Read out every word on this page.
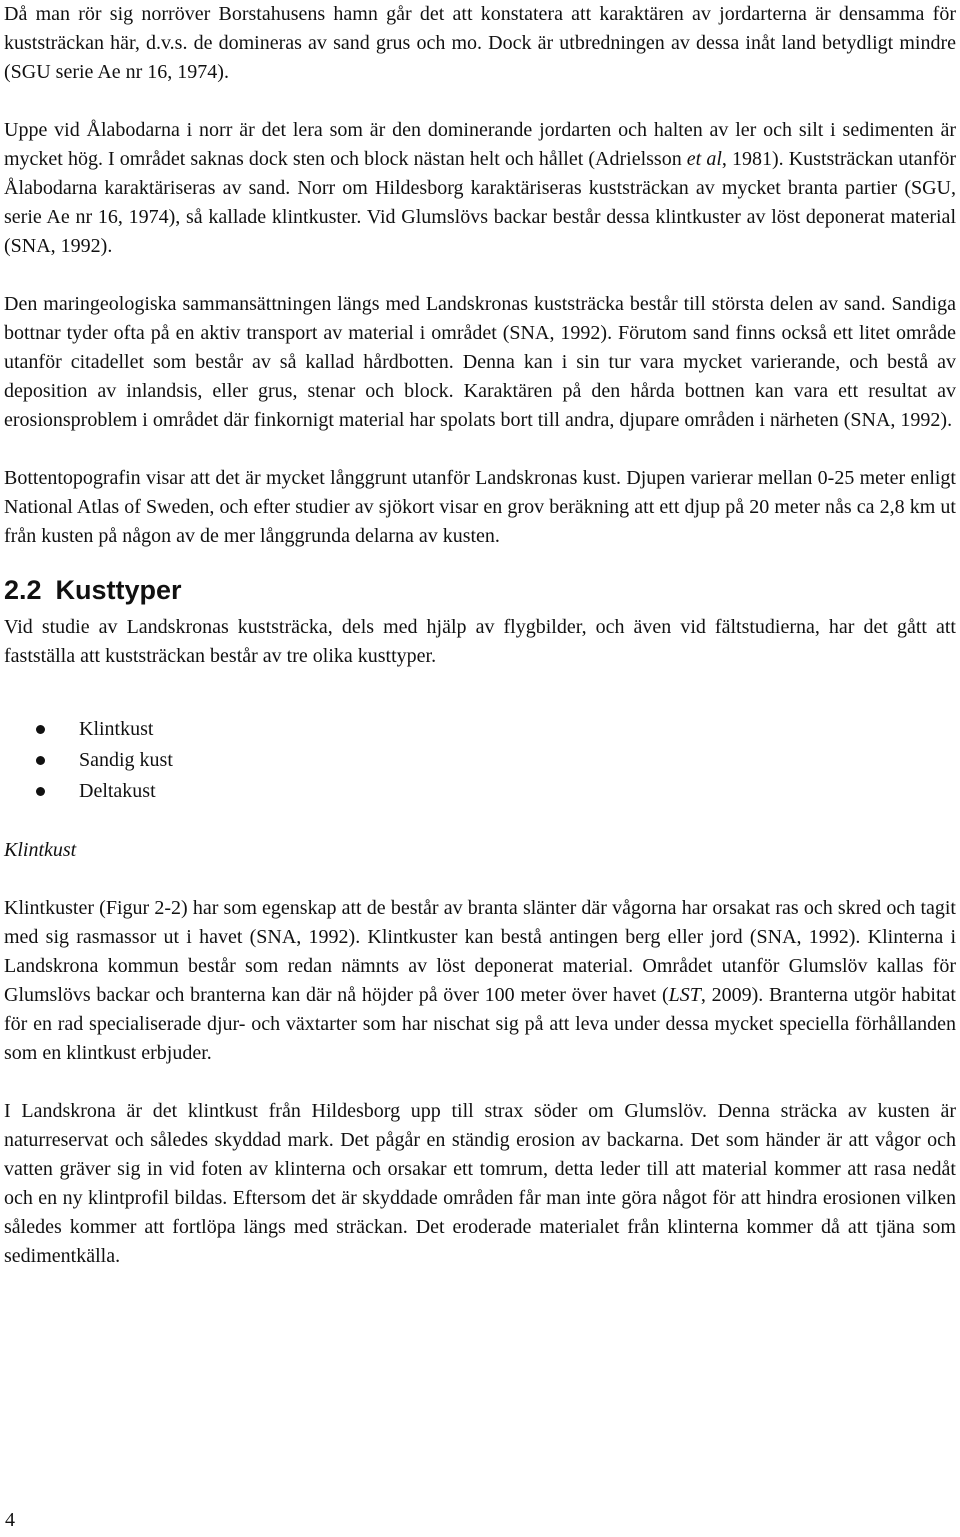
Då man rör sig norröver Borstahusens hamn går det att konstatera att karaktären av jordarterna är densamma för kuststräckan här, d.v.s. de domineras av sand grus och mo. Dock är utbredningen av dessa inåt land betydligt mindre (SGU serie Ae nr 16, 1974).

Uppe vid Ålabodarna i norr är det lera som är den dominerande jordarten och halten av ler och silt i sedimenten är mycket hög. I området saknas dock sten och block nästan helt och hållet (Adrielsson et al, 1981). Kuststräckan utanför Ålabodarna karaktäriseras av sand. Norr om Hildesborg karaktäriseras kuststräckan av mycket branta partier (SGU, serie Ae nr 16, 1974), så kallade klintkuster. Vid Glumslövs backar består dessa klintkuster av löst deponerat material (SNA, 1992).

Den maringeologiska sammansättningen längs med Landskronas kuststräcka består till största delen av sand. Sandiga bottnar tyder ofta på en aktiv transport av material i området (SNA, 1992). Förutom sand finns också ett litet område utanför citadellet som består av så kallad hårdbotten. Denna kan i sin tur vara mycket varierande, och bestå av deposition av inlandsis, eller grus, stenar och block. Karaktären på den hårda bottnen kan vara ett resultat av erosionsproblem i området där finkornigt material har spolats bort till andra, djupare områden i närheten (SNA, 1992).

Bottentopografin visar att det är mycket långgrunt utanför Landskronas kust. Djupen varierar mellan 0-25 meter enligt National Atlas of Sweden, och efter studier av sjökort visar en grov beräkning att ett djup på 20 meter nås ca 2,8 km ut från kusten på någon av de mer långgrunda delarna av kusten.

2.2 Kusttyper

Vid studie av Landskronas kuststräcka, dels med hjälp av flygbilder, och även vid fältstudierna, har det gått att fastställa att kuststräckan består av tre olika kusttyper.

Klintkust
Sandig kust
Deltakust

Klintkust

Klintkuster (Figur 2-2) har som egenskap att de består av branta slänter där vågorna har orsakat ras och skred och tagit med sig rasmassor ut i havet (SNA, 1992). Klintkuster kan bestå antingen berg eller jord (SNA, 1992). Klinterna i Landskrona kommun består som redan nämnts av löst deponerat material. Området utanför Glumslöv kallas för Glumslövs backar och branterna kan där nå höjder på över 100 meter över havet (LST, 2009). Branterna utgör habitat för en rad specialiserade djur- och växtarter som har nischat sig på att leva under dessa mycket speciella förhållanden som en klintkust erbjuder.

I Landskrona är det klintkust från Hildesborg upp till strax söder om Glumslöv. Denna sträcka av kusten är naturreservat och således skyddad mark. Det pågår en ständig erosion av backarna. Det som händer är att vågor och vatten gräver sig in vid foten av klinterna och orsakar ett tomrum, detta leder till att material kommer att rasa nedåt och en ny klintprofil bildas. Eftersom det är skyddade områden får man inte göra något för att hindra erosionen vilken således kommer att fortlöpa längs med sträckan. Det eroderade materialet från klinterna kommer då att tjäna som sedimentkälla.

4
